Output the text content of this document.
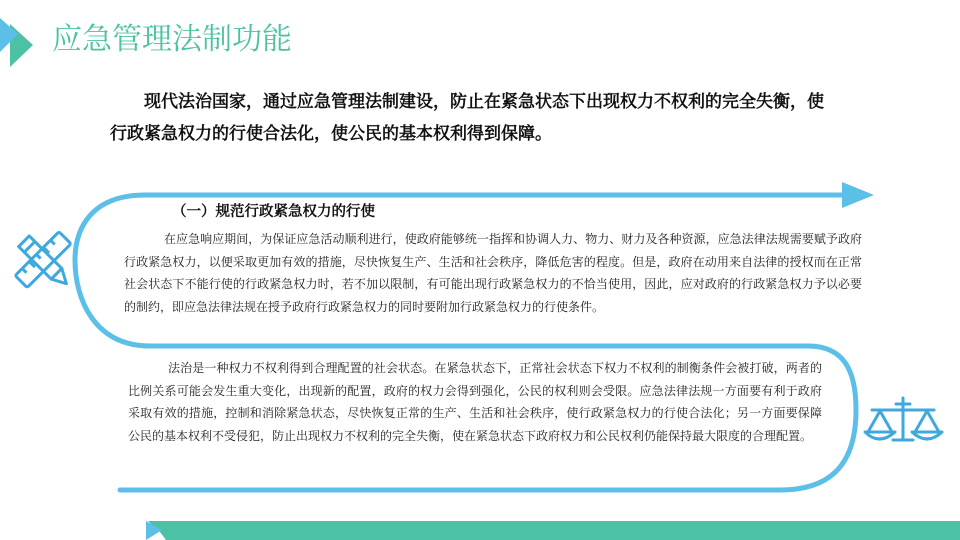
应急管理法制功能

现代法治国家，通过应急管理法制建设，防止在紧急状态下出现权力不权利的完全失衡，使行政紧急权力的行使合法化，使公民的基本权利得到保障。

（一）规范行政紧急权力的行使

在应急响应期间，为保证应急活动顺利进行，使政府能够统一指挥和协调人力、物力、财力及各种资源，应急法律法规需要赋予政府行政紧急权力，以便采取更加有效的措施，尽快恢复生产、生活和社会秩序，降低危害的程度。但是，政府在动用来自法律的授权而在正常社会状态下不能行使的行政紧急权力时，若不加以限制，有可能出现行政紧急权力的不恰当使用，因此，应对政府的行政紧急权力予以必要的制约，即应急法律法规在授予政府行政紧急权力的同时要附加行政紧急权力的行使条件。

法治是一种权力不权利得到合理配置的社会状态。在紧急状态下，正常社会状态下权力不权利的制衡条件会被打破，两者的比例关系可能会发生重大变化，出现新的配置，政府的权力会得到强化，公民的权利则会受限。应急法律法规一方面要有利于政府采取有效的措施，控制和消除紧急状态，尽快恢复正常的生产、生活和社会秩序，使行政紧急权力的行使合法化；另一方面要保障公民的基本权利不受侵犯，防止出现权力不权利的完全失衡，使在紧急状态下政府权力和公民权利仍能保持最大限度的合理配置。
